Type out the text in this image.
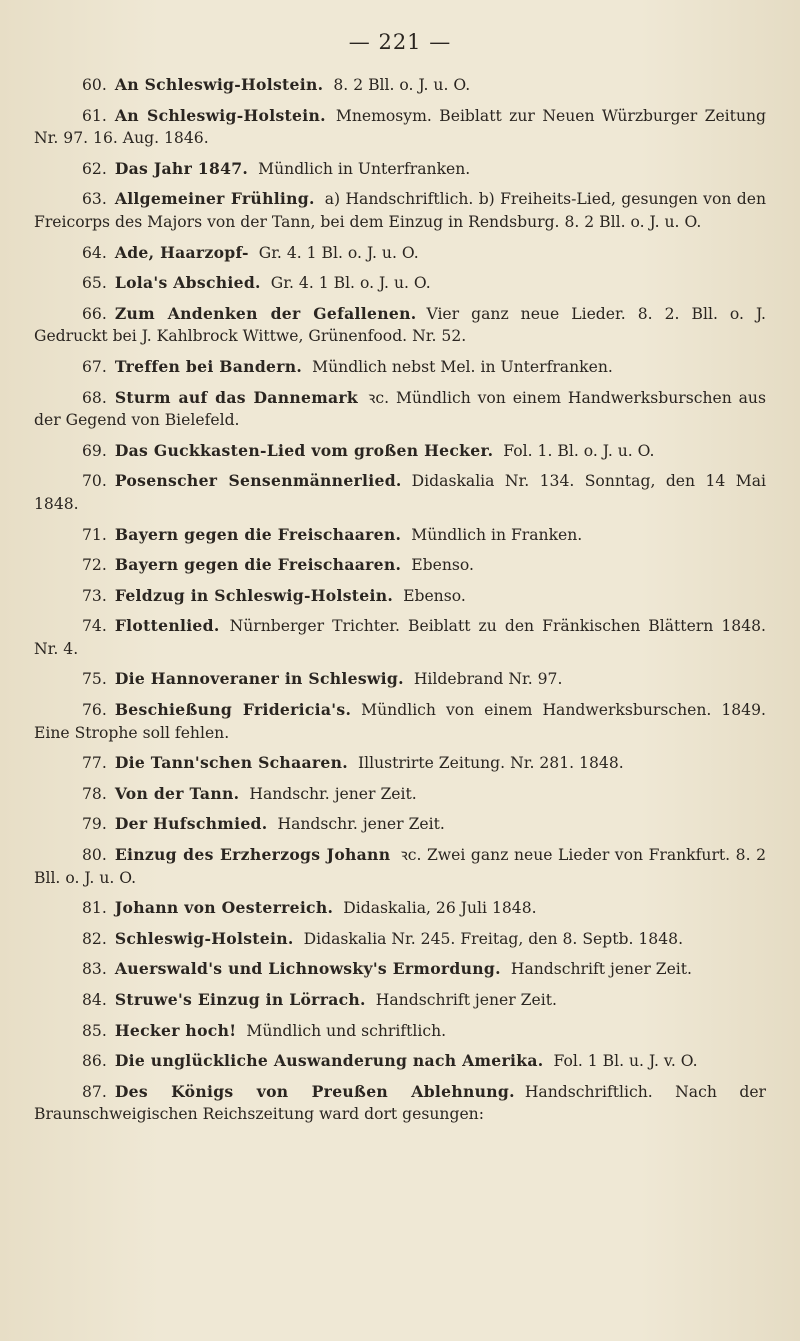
— 221 —

60. An Schleswig-Holstein. 8. 2 Bll. o. J. u. O.

61. An Schleswig-Holstein. Mnemosym. Beiblatt zur Neuen Würzburger Zeitung Nr. 97. 16. Aug. 1846.

62. Das Jahr 1847. Mündlich in Unterfranken.

63. Allgemeiner Frühling. a) Handschriftlich. b) Freiheits-Lied, gesungen von den Freicorps des Majors von der Tann, bei dem Einzug in Rendsburg. 8. 2 Bll. o. J. u. O.

64. Ade, Haarzopf- Gr. 4. 1 Bl. o. J. u. O.

65. Lola's Abschied. Gr. 4. 1 Bl. o. J. u. O.

66. Zum Andenken der Gefallenen. Vier ganz neue Lieder. 8. 2. Bll. o. J. Gedruckt bei J. Kahlbrock Wittwe, Grünenfood. Nr. 52.

67. Treffen bei Bandern. Mündlich nebst Mel. in Unterfranken.

68. Sturm auf das Dannemark ꝛc. Mündlich von einem Handwerksburschen aus der Gegend von Bielefeld.

69. Das Guckkasten-Lied vom großen Hecker. Fol. 1. Bl. o. J. u. O.

70. Posenscher Sensenmännerlied. Didaskalia Nr. 134. Sonntag, den 14 Mai 1848.

71. Bayern gegen die Freischaaren. Mündlich in Franken.

72. Bayern gegen die Freischaaren. Ebenso.

73. Feldzug in Schleswig-Holstein. Ebenso.

74. Flottenlied. Nürnberger Trichter. Beiblatt zu den Fränkischen Blättern 1848. Nr. 4.

75. Die Hannoveraner in Schleswig. Hildebrand Nr. 97.

76. Beschießung Fridericia's. Mündlich von einem Handwerksburschen. 1849. Eine Strophe soll fehlen.

77. Die Tann'schen Schaaren. Illustrirte Zeitung. Nr. 281. 1848.

78. Von der Tann. Handschr. jener Zeit.

79. Der Hufschmied. Handschr. jener Zeit.

80. Einzug des Erzherzogs Johann ꝛc. Zwei ganz neue Lieder von Frankfurt. 8. 2 Bll. o. J. u. O.

81. Johann von Oesterreich. Didaskalia, 26 Juli 1848.

82. Schleswig-Holstein. Didaskalia Nr. 245. Freitag, den 8. Septb. 1848.

83. Auerswald's und Lichnowsky's Ermordung. Handschrift jener Zeit.

84. Struwe's Einzug in Lörrach. Handschrift jener Zeit.

85. Hecker hoch! Mündlich und schriftlich.

86. Die unglückliche Auswanderung nach Amerika. Fol. 1 Bl. u. J. v. O.

87. Des Königs von Preußen Ablehnung. Handschriftlich. Nach der Braunschweigischen Reichszeitung ward dort gesungen:
